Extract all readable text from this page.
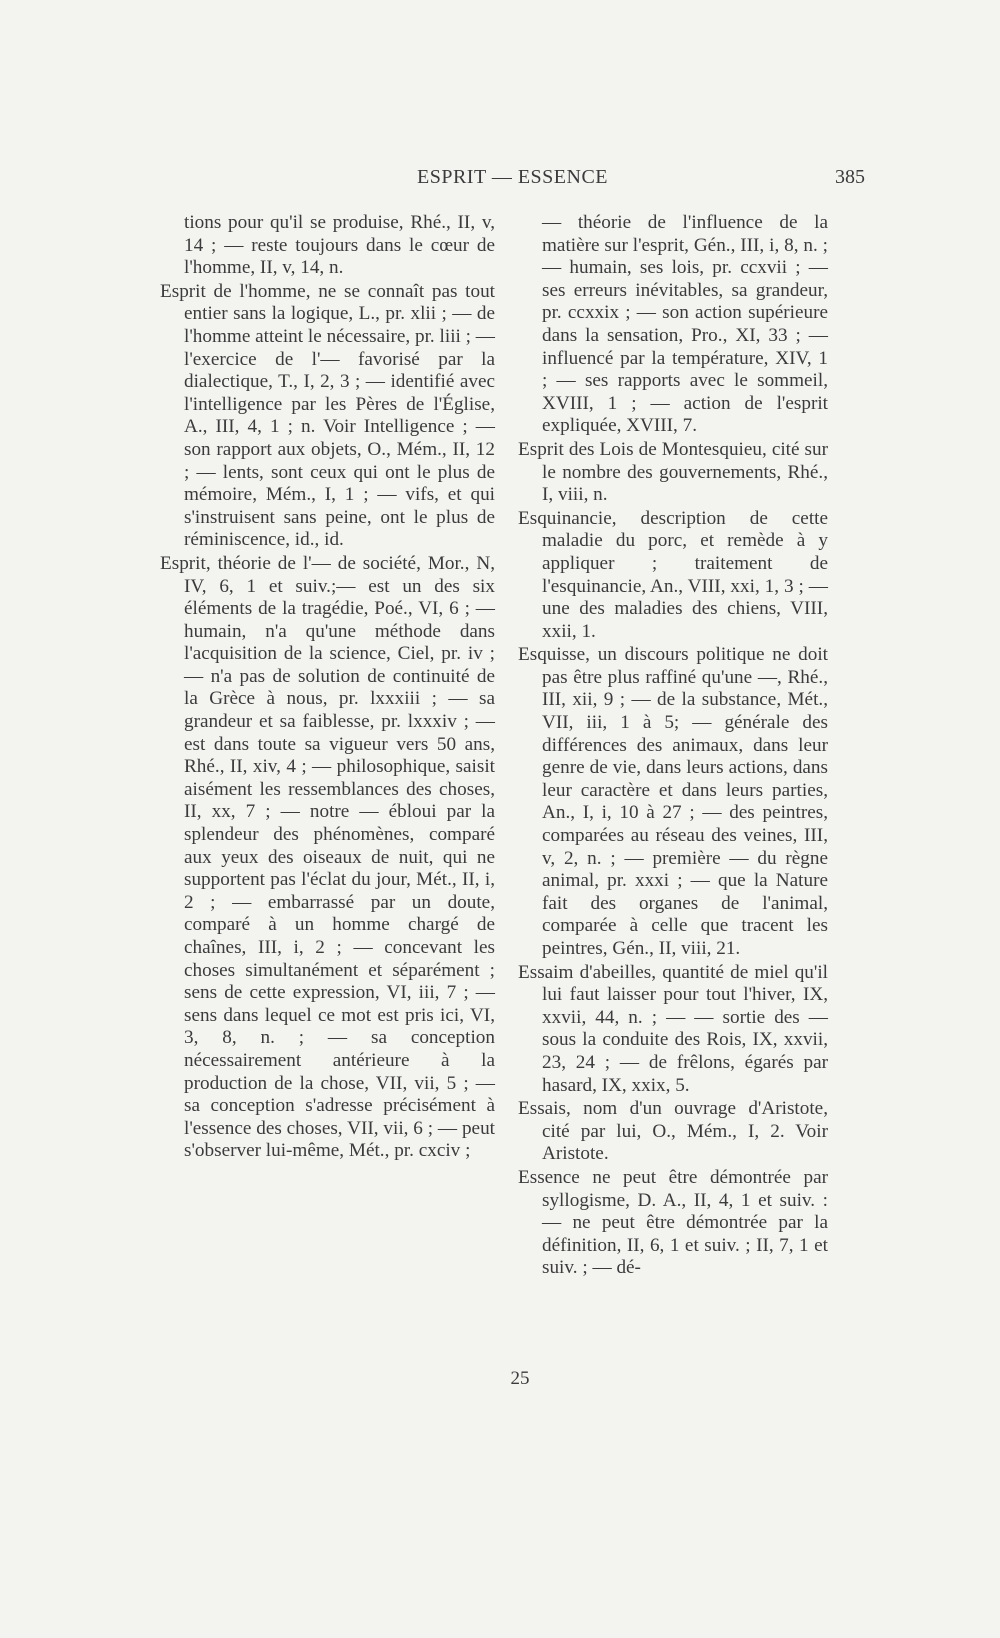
ESPRIT — ESSENCE	385

tions pour qu'il se produise, Rhé., II, v, 14 ; — reste toujours dans le cœur de l'homme, II, v, 14, n.

Esprit de l'homme, ne se connaît pas tout entier sans la logique, L., pr. xlii ; — de l'homme atteint le nécessaire, pr. liii ; — l'exercice de l'— favorisé par la dialectique, T., I, 2, 3 ; — identifié avec l'intelligence par les Pères de l'Église, A., III, 4, 1 ; n. Voir Intelligence ; — son rapport aux objets, O., Mém., II, 12 ; — lents, sont ceux qui ont le plus de mémoire, Mém., I, 1 ; — vifs, et qui s'instruisent sans peine, ont le plus de réminiscence, id., id.

Esprit, théorie de l'— de société, Mor., N, IV, 6, 1 et suiv.;— est un des six éléments de la tragédie, Poé., VI, 6 ; — humain, n'a qu'une méthode dans l'acquisition de la science, Ciel, pr. iv ; — n'a pas de solution de continuité de la Grèce à nous, pr. lxxxiii ; — sa grandeur et sa faiblesse, pr. lxxxiv ; — est dans toute sa vigueur vers 50 ans, Rhé., II, xiv, 4 ; — philosophique, saisit aisément les ressemblances des choses, II, xx, 7 ; — notre — ébloui par la splendeur des phénomènes, comparé aux yeux des oiseaux de nuit, qui ne supportent pas l'éclat du jour, Mét., II, i, 2 ; — embarrassé par un doute, comparé à un homme chargé de chaînes, III, i, 2 ; — concevant les choses simultanément et séparément ; sens de cette expression, VI, iii, 7 ; — sens dans lequel ce mot est pris ici, VI, 3, 8, n. ; — sa conception nécessairement antérieure à la production de la chose, VII, vii, 5 ; — sa conception s'adresse précisément à l'essence des choses, VII, vii, 6 ; — peut s'observer lui-même, Mét., pr. cxciv ;

— théorie de l'influence de la matière sur l'esprit, Gén., III, i, 8, n. ; — humain, ses lois, pr. ccxvii ; — ses erreurs inévitables, sa grandeur, pr. ccxxix ; — son action supérieure dans la sensation, Pro., XI, 33 ; — influencé par la température, XIV, 1 ; — ses rapports avec le sommeil, XVIII, 1 ; — action de l'esprit expliquée, XVIII, 7.

Esprit des Lois de Montesquieu, cité sur le nombre des gouvernements, Rhé., I, viii, n.

Esquinancie, description de cette maladie du porc, et remède à y appliquer ; traitement de l'esquinancie, An., VIII, xxi, 1, 3 ; — une des maladies des chiens, VIII, xxii, 1.

Esquisse, un discours politique ne doit pas être plus raffiné qu'une —, Rhé., III, xii, 9 ; — de la substance, Mét., VII, iii, 1 à 5; — générale des différences des animaux, dans leur genre de vie, dans leurs actions, dans leur caractère et dans leurs parties, An., I, i, 10 à 27 ; — des peintres, comparées au réseau des veines, III, v, 2, n. ; — première — du règne animal, pr. xxxi ; — que la Nature fait des organes de l'animal, comparée à celle que tracent les peintres, Gén., II, viii, 21.

Essaim d'abeilles, quantité de miel qu'il lui faut laisser pour tout l'hiver, IX, xxvii, 44, n. ; — — sortie des — sous la conduite des Rois, IX, xxvii, 23, 24 ; — de frêlons, égarés par hasard, IX, xxix, 5.

Essais, nom d'un ouvrage d'Aristote, cité par lui, O., Mém., I, 2. Voir Aristote.

Essence ne peut être démontrée par syllogisme, D. A., II, 4, 1 et suiv. : — ne peut être démontrée par la définition, II, 6, 1 et suiv. ; II, 7, 1 et suiv. ; — dé-

25
